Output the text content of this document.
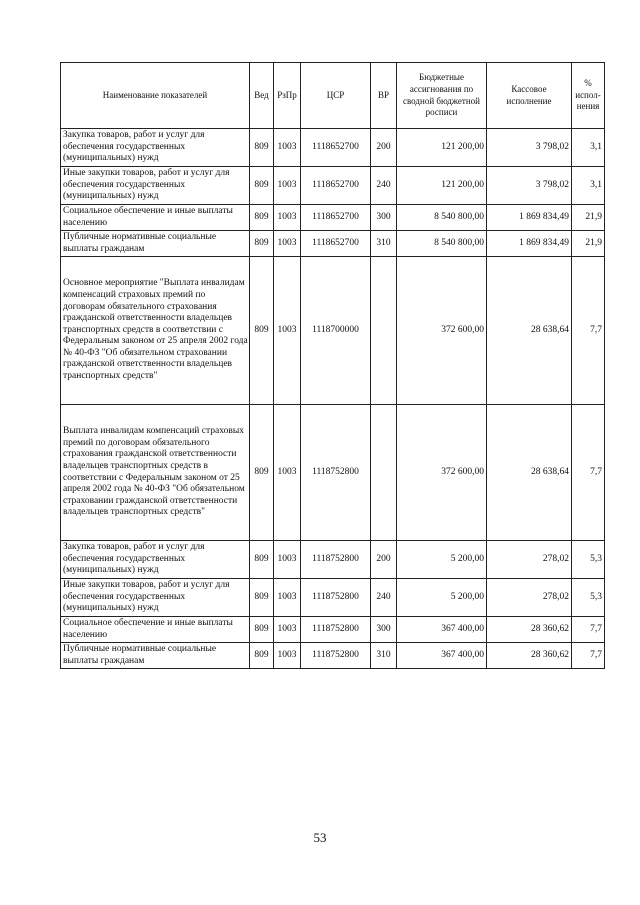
Наименование показателей	Вед	РзПр	ЦСР	ВР	Бюджетные ассигнования по сводной бюджетной росписи	Кассовое исполнение	% испол-нения
Закупка товаров, работ и услуг для обеспечения государственных (муниципальных) нужд	809	1003	1118652700	200	121 200,00	3 798,02	3,1
Иные закупки товаров, работ и услуг для обеспечения государственных (муниципальных) нужд	809	1003	1118652700	240	121 200,00	3 798,02	3,1
Социальное обеспечение и иные выплаты населению	809	1003	1118652700	300	8 540 800,00	1 869 834,49	21,9
Публичные нормативные социальные выплаты гражданам	809	1003	1118652700	310	8 540 800,00	1 869 834,49	21,9
Основное мероприятие "Выплата инвалидам компенсаций страховых премий по договорам обязательного страхования гражданской ответственности владельцев транспортных средств в соответствии с Федеральным законом от 25 апреля 2002 года № 40-ФЗ "Об обязательном страховании гражданской ответственности владельцев транспортных средств"	809	1003	1118700000		372 600,00	28 638,64	7,7
Выплата инвалидам компенсаций страховых премий по договорам обязательного страхования гражданской ответственности владельцев транспортных средств в соответствии с Федеральным законом от 25 апреля 2002 года № 40-ФЗ "Об обязательном страховании гражданской ответственности владельцев транспортных средств"	809	1003	1118752800		372 600,00	28 638,64	7,7
Закупка товаров, работ и услуг для обеспечения государственных (муниципальных) нужд	809	1003	1118752800	200	5 200,00	278,02	5,3
Иные закупки товаров, работ и услуг для обеспечения государственных (муниципальных) нужд	809	1003	1118752800	240	5 200,00	278,02	5,3
Социальное обеспечение и иные выплаты населению	809	1003	1118752800	300	367 400,00	28 360,62	7,7
Публичные нормативные социальные выплаты гражданам	809	1003	1118752800	310	367 400,00	28 360,62	7,7
53
